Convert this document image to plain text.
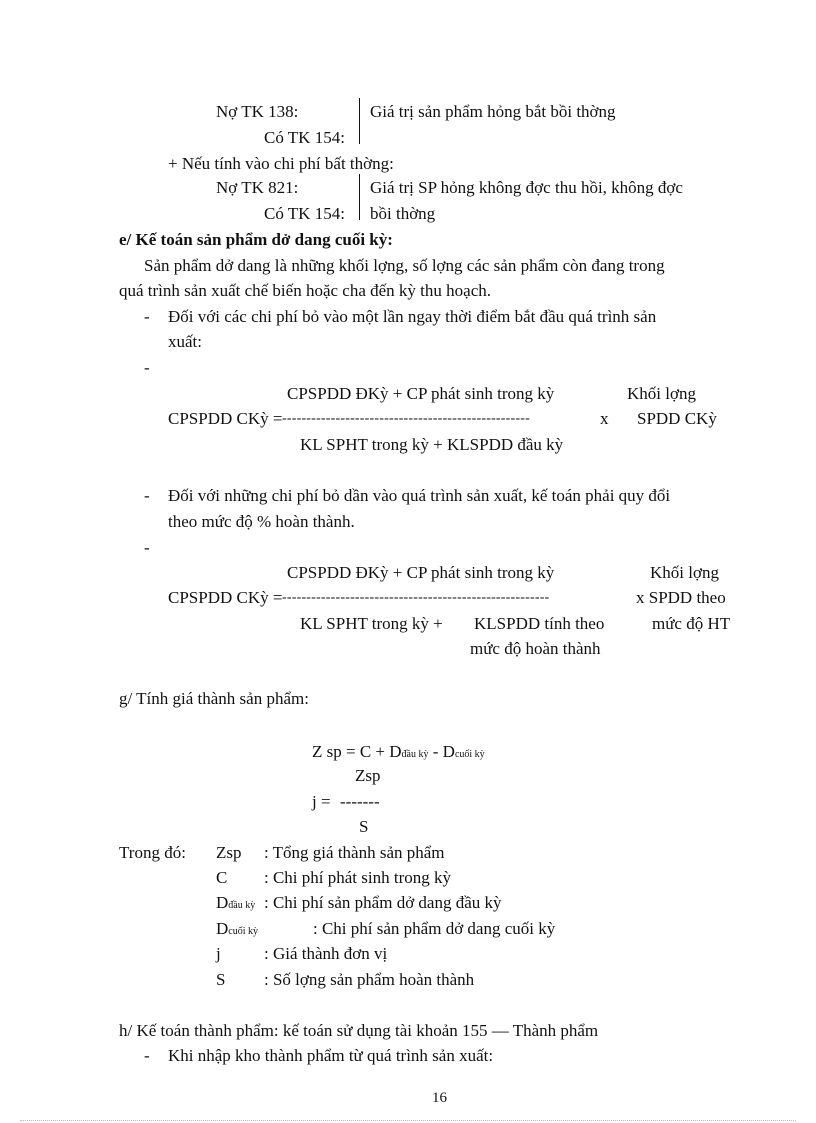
Nợ TK 138:
Có TK 154:
Giá trị sản phẩm hỏng bắt bồi thờng
+ Nếu tính vào chi phí bất thờng:
Nợ TK 821:
Có TK 154:
Giá trị SP hỏng không đợc thu hồi, không đợc
bồi thờng
e/ Kế toán sản phẩm dở dang cuối kỳ:
Sản phẩm dở dang là những khối lợng, số lợng các sản phẩm còn đang trong
quá trình sản xuất chế biến hoặc cha đến kỳ thu hoạch.
- Đối với các chi phí bỏ vào một lần ngay thời điểm bắt đầu quá trình sản
xuất:
-
CPSPDD ĐKỳ + CP phát sinh trong kỳ	Khối lợng
CPSPDD CKỳ = ---------------------------------------------------	x SPDD CKỳ
KL SPHT trong kỳ + KLSPDD đầu kỳ
- Đối với những chi phí bỏ dần vào quá trình sản xuất, kế toán phải quy đổi
theo mức độ % hoàn thành.
-
CPSPDD ĐKỳ + CP phát sinh trong kỳ	Khối lợng
CPSPDD CKỳ = -------------------------------------------------------	x SPDD theo
KL SPHT trong kỳ + KLSPDD tính theo	mức độ HT
mức độ hoàn thành
g/ Tính giá thành sản phẩm:
Z sp = C + Dđầu kỳ - Dcuối kỳ
Zsp
j = -------
S
Trong đó: Zsp : Tổng giá thành sản phẩm
C : Chi phí phát sinh trong kỳ
Dđầu kỳ : Chi phí sản phẩm dở dang đầu kỳ
Dcuối kỳ	: Chi phí sản phẩm dở dang cuối kỳ
j	: Giá thành đơn vị
S : Số lợng sản phẩm hoàn thành
h/ Kế toán thành phẩm: kế toán sử dụng tài khoản 155 — Thành phẩm
- Khi nhập kho thành phẩm từ quá trình sản xuất:
16
